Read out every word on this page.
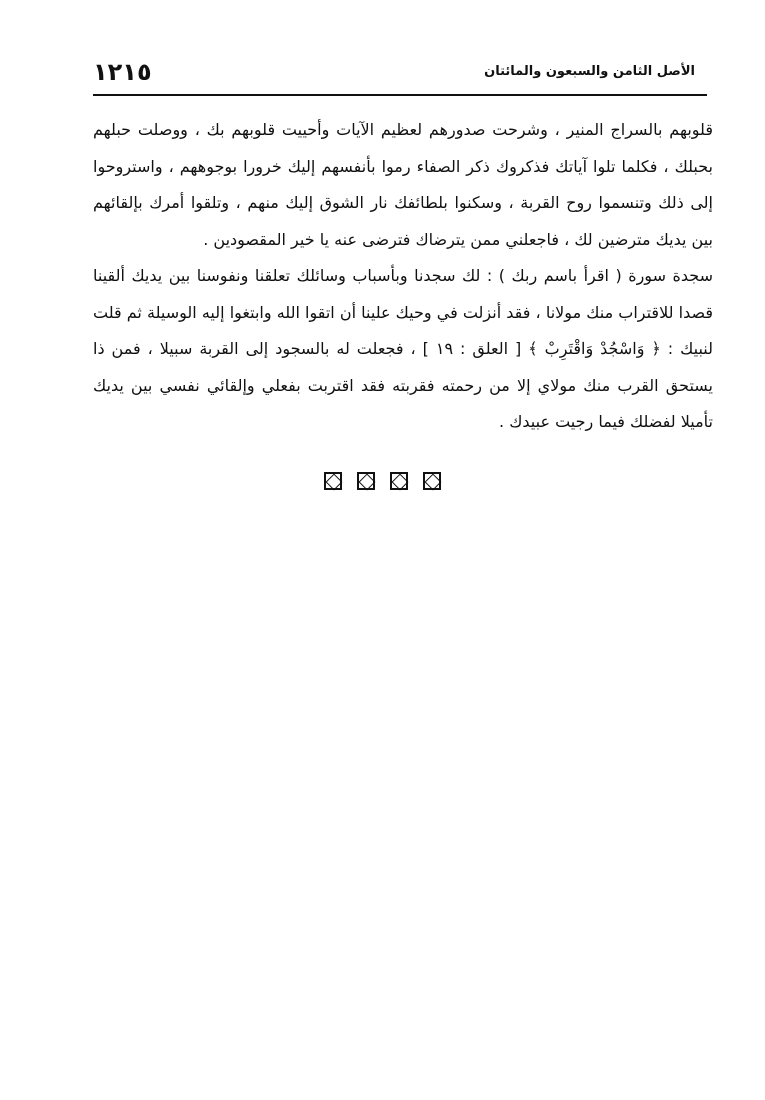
الأصل الثامن والسبعون والمائتان
١٢١٥

قلوبهم بالسراج المنير ، وشرحت صدورهم لعظيم الآيات وأحييت قلوبهم بك ، ووصلت حبلهم بحبلك ، فكلما تلوا آياتك فذكروك ذكر الصفاء رموا بأنفسهم إليك خرورا بوجوههم ، واستروحوا إلى ذلك وتنسموا روح القربة ، وسكنوا بلطائفك نار الشوق إليك منهم ، وتلقوا أمرك بإلقائهم بين يديك مترضين لك ، فاجعلني ممن يترضاك فترضى عنه يا خير المقصودين .

سجدة سورة ( اقرأ باسم ربك ) : لك سجدنا وبأسباب وسائلك تعلقنا ونفوسنا بين يديك ألقينا قصدا للاقتراب منك مولانا ، فقد أنزلت في وحيك علينا أن اتقوا الله وابتغوا إليه الوسيلة ثم قلت لنبيك : ﴿ وَاسْجُدْ وَاقْتَرِبْ ﴾ [ العلق : ١٩ ] ، فجعلت له بالسجود إلى القربة سبيلا ، فمن ذا يستحق القرب منك مولاي إلا من رحمته فقربته فقد اقتربت بفعلي وإلقائي نفسي بين يديك تأميلا لفضلك فيما رجيت عبيدك .
